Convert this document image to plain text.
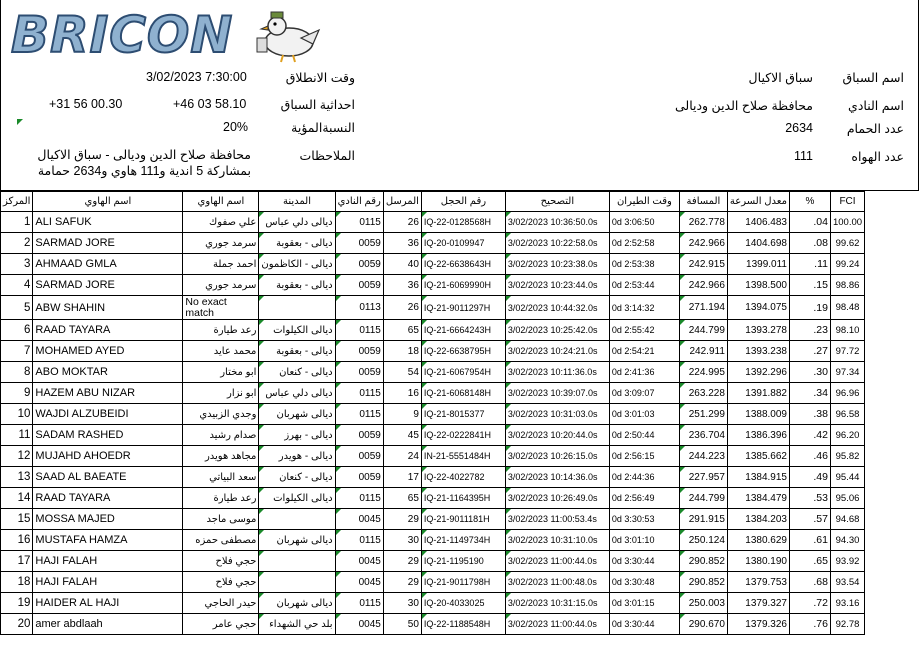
BRICON
اسم السباق
سباق الاكيال
اسم النادي
محافظة صلاح الدين وديالى
عدد الحمام
2634
عدد الهواه
111
وقت الانطلاق
3/02/2023 7:30:00
احداثية السباق
+31 56 00.30	+46 03 58.10
النسبةالمؤية
20%
الملاحظات
محافظة صلاح الدين وديالى - سباق الاكيال بمشاركة 5 اندية و111 هاوي و2634 حمامة
المركز	اسم الهاوي	اسم الهاوي	المدينة	رقم النادي	المرسل	رقم الحجل	التصحيح	وقت الطيران	المسافة	معدل السرعة	%	FCI
1	ALI SAFUK	علي صفوك	ديالى دلي عباس	0115	26	IQ-22-0128568H	3/02/2023 10:36:50.0s	0d 3:06:50	262.778	1406.483	.04	100.00
2	SARMAD JORE	سرمد جوري	ديالى - بعقوبة	0059	36	IQ-20-0109947	3/02/2023 10:22:58.0s	0d 2:52:58	242.966	1404.698	.08	99.62
3	AHMAAD GMLA	احمد جملة	ديالى - الكاظمون	0059	40	IQ-22-6638643H	3/02/2023 10:23:38.0s	0d 2:53:38	242.915	1399.011	.11	99.24
4	SARMAD JORE	سرمد جوري	ديالى - بعقوبة	0059	36	IQ-21-6069990H	3/02/2023 10:23:44.0s	0d 2:53:44	242.966	1398.500	.15	98.86
5	ABW SHAHIN	No exact match		0113	26	IQ-21-9011297H	3/02/2023 10:44:32.0s	0d 3:14:32	271.194	1394.075	.19	98.48
6	RAAD TAYARA	رعد طيارة	ديالى الكيلوات	0115	65	IQ-21-6664243H	3/02/2023 10:25:42.0s	0d 2:55:42	244.799	1393.278	.23	98.10
7	MOHAMED AYED	محمد عايد	ديالى - بعقوبة	0059	18	IQ-22-6638795H	3/02/2023 10:24:21.0s	0d 2:54:21	242.911	1393.238	.27	97.72
8	ABO MOKTAR	ابو مختار	ديالى - كنعان	0059	54	IQ-21-6067954H	3/02/2023 10:11:36.0s	0d 2:41:36	224.995	1392.296	.30	97.34
9	HAZEM ABU NIZAR	ابو نزار	ديالى دلي عباس	0115	16	IQ-21-6068148H	3/02/2023 10:39:07.0s	0d 3:09:07	263.228	1391.882	.34	96.96
10	WAJDI ALZUBEIDI	وجدي الزبيدي	ديالى شهربان	0115	9	IQ-21-8015377	3/02/2023 10:31:03.0s	0d 3:01:03	251.299	1388.009	.38	96.58
11	SADAM RASHED	صدام رشيد	ديالى - بهرز	0059	45	IQ-22-0222841H	3/02/2023 10:20:44.0s	0d 2:50:44	236.704	1386.396	.42	96.20
12	MUJAHD AHOEDR	مجاهد هويدر	ديالى - هويدر	0059	24	IN-21-5551484H	3/02/2023 10:26:15.0s	0d 2:56:15	244.223	1385.662	.46	95.82
13	SAAD AL BAEATE	سعد البياتي	ديالى - كنعان	0059	17	IQ-22-4022782	3/02/2023 10:14:36.0s	0d 2:44:36	227.957	1384.915	.49	95.44
14	RAAD TAYARA	رعد طيارة	ديالى الكيلوات	0115	65	IQ-21-1164395H	3/02/2023 10:26:49.0s	0d 2:56:49	244.799	1384.479	.53	95.06
15	MOSSA MAJED	موسى ماجد		0045	29	IQ-21-9011181H	3/02/2023 11:00:53.4s	0d 3:30:53	291.915	1384.203	.57	94.68
16	MUSTAFA HAMZA	مصطفى حمزه	ديالى شهربان	0115	30	IQ-21-1149734H	3/02/2023 10:31:10.0s	0d 3:01:10	250.124	1380.629	.61	94.30
17	HAJI FALAH	حجي فلاح		0045	29	IQ-21-1195190	3/02/2023 11:00:44.0s	0d 3:30:44	290.852	1380.190	.65	93.92
18	HAJI FALAH	حجي فلاح		0045	29	IQ-21-9011798H	3/02/2023 11:00:48.0s	0d 3:30:48	290.852	1379.753	.68	93.54
19	HAIDER AL HAJI	حيدر الحاجي	ديالى شهربان	0115	30	IQ-20-4033025	3/02/2023 10:31:15.0s	0d 3:01:15	250.003	1379.327	.72	93.16
20	amer abdlaah	حجي عامر	بلد حي الشهداء	0045	50	IQ-22-1188548H	3/02/2023 11:00:44.0s	0d 3:30:44	290.670	1379.326	.76	92.78
